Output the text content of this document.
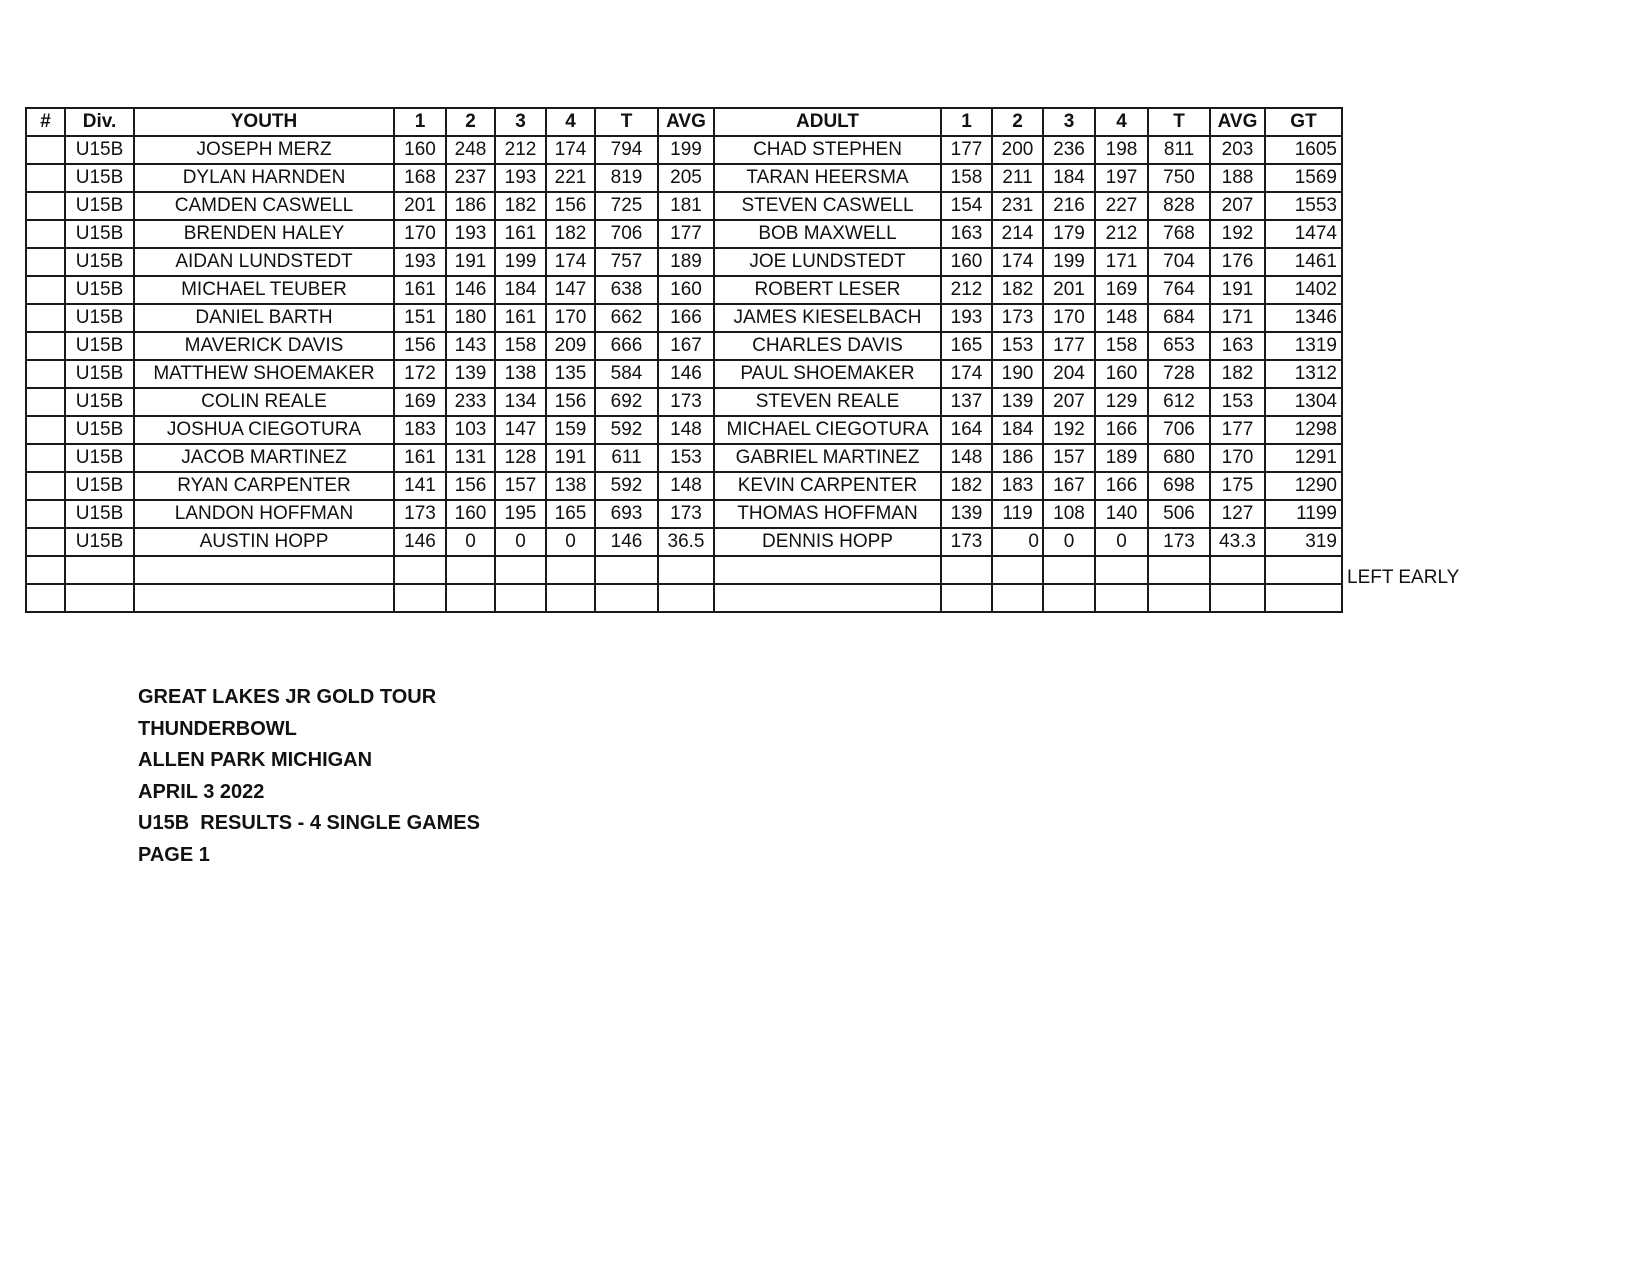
#	Div.	YOUTH	1	2	3	4	T	AVG	ADULT	1	2	3	4	T	AVG	GT
	U15B	JOSEPH MERZ	160	248	212	174	794	199	CHAD STEPHEN	177	200	236	198	811	203	1605
	U15B	DYLAN HARNDEN	168	237	193	221	819	205	TARAN HEERSMA	158	211	184	197	750	188	1569
	U15B	CAMDEN CASWELL	201	186	182	156	725	181	STEVEN CASWELL	154	231	216	227	828	207	1553
	U15B	BRENDEN HALEY	170	193	161	182	706	177	BOB MAXWELL	163	214	179	212	768	192	1474
	U15B	AIDAN LUNDSTEDT	193	191	199	174	757	189	JOE LUNDSTEDT	160	174	199	171	704	176	1461
	U15B	MICHAEL TEUBER	161	146	184	147	638	160	ROBERT LESER	212	182	201	169	764	191	1402
	U15B	DANIEL BARTH	151	180	161	170	662	166	JAMES KIESELBACH	193	173	170	148	684	171	1346
	U15B	MAVERICK DAVIS	156	143	158	209	666	167	CHARLES DAVIS	165	153	177	158	653	163	1319
	U15B	MATTHEW SHOEMAKER	172	139	138	135	584	146	PAUL SHOEMAKER	174	190	204	160	728	182	1312
	U15B	COLIN REALE	169	233	134	156	692	173	STEVEN REALE	137	139	207	129	612	153	1304
	U15B	JOSHUA CIEGOTURA	183	103	147	159	592	148	MICHAEL CIEGOTURA	164	184	192	166	706	177	1298
	U15B	JACOB MARTINEZ	161	131	128	191	611	153	GABRIEL MARTINEZ	148	186	157	189	680	170	1291
	U15B	RYAN CARPENTER	141	156	157	138	592	148	KEVIN CARPENTER	182	183	167	166	698	175	1290
	U15B	LANDON HOFFMAN	173	160	195	165	693	173	THOMAS HOFFMAN	139	119	108	140	506	127	1199
	U15B	AUSTIN HOPP	146	0	0	0	146	36.5	DENNIS HOPP	173	0	0	0	173	43.3	319

LEFT EARLY
GREAT LAKES JR GOLD TOUR
THUNDERBOWL
ALLEN PARK MICHIGAN
APRIL 3 2022
U15B  RESULTS - 4 SINGLE GAMES
PAGE 1
